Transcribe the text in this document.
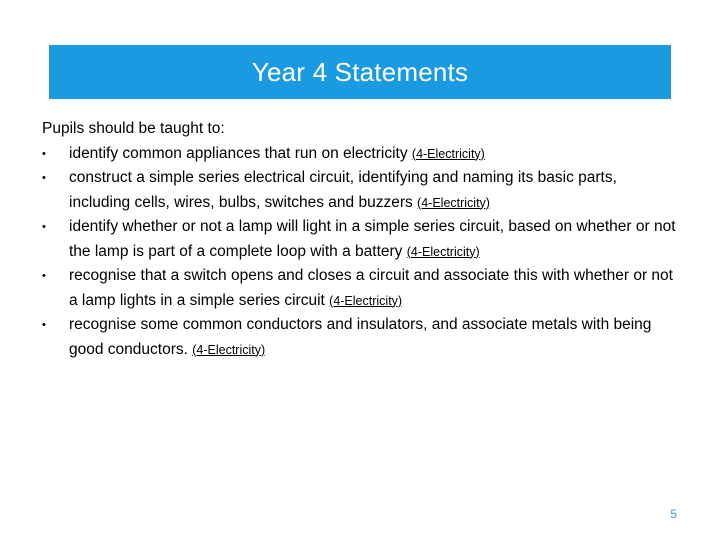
Year 4 Statements

Pupils should be taught to:

•	identify common appliances that run on electricity (4-Electricity)
•	construct a simple series electrical circuit, identifying and naming its basic parts, including cells, wires, bulbs, switches and buzzers (4-Electricity)
•	identify whether or not a lamp will light in a simple series circuit, based on whether or not the lamp is part of a complete loop with a battery (4-Electricity)
•	recognise that a switch opens and closes a circuit and associate this with whether or not a lamp lights in a simple series circuit (4-Electricity)
•	recognise some common conductors and insulators, and associate metals with being good conductors. (4-Electricity)
5
